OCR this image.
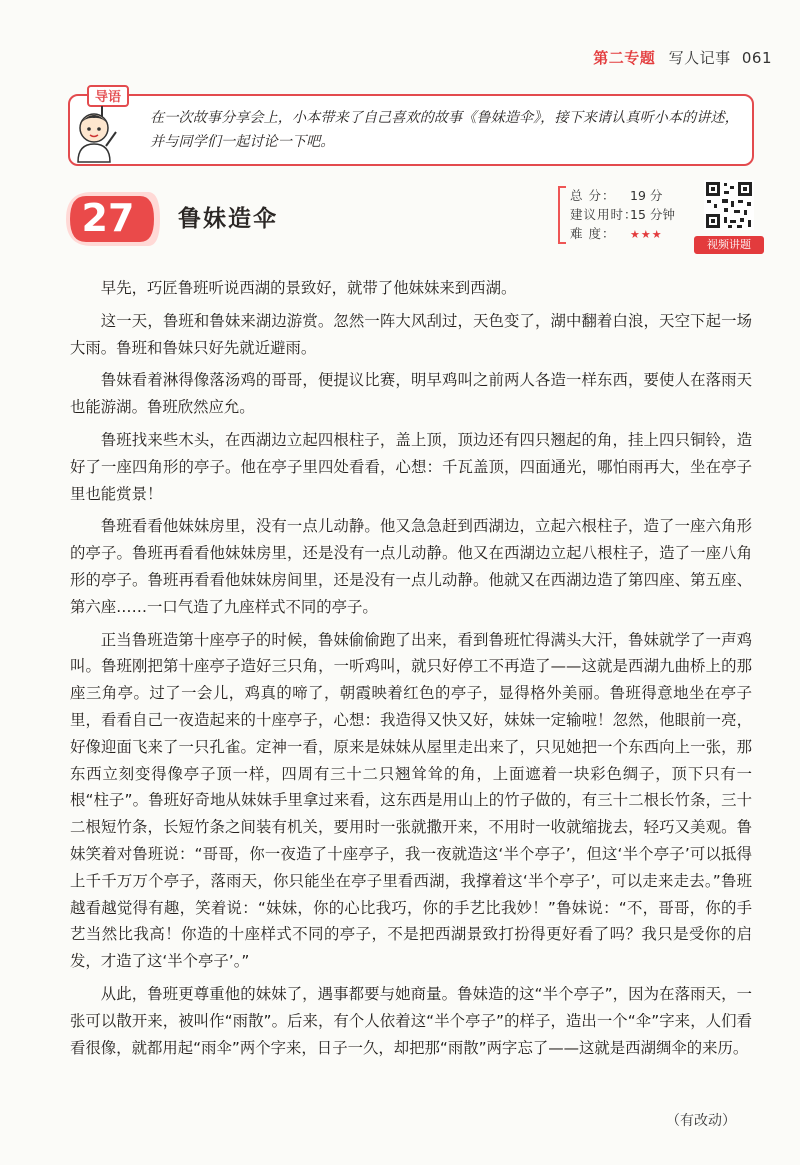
第二专题 写人记事 061
在一次故事分享会上，小本带来了自己喜欢的故事《鲁妹造伞》，接下来请认真听小本的讲述，并与同学们一起讨论一下吧。
导语
27 鲁妹造伞
总 分： 19 分
建议用时：15 分钟
难 度： ★★★
视频讲题

早先，巧匠鲁班听说西湖的景致好，就带了他妹妹来到西湖。

这一天，鲁班和鲁妹来湖边游赏。忽然一阵大风刮过，天色变了，湖中翻着白浪，天空下起一场大雨。鲁班和鲁妹只好先就近避雨。

鲁妹看着淋得像落汤鸡的哥哥，便提议比赛，明早鸡叫之前两人各造一样东西，要使人在落雨天也能游湖。鲁班欣然应允。

鲁班找来些木头，在西湖边立起四根柱子，盖上顶，顶边还有四只翘起的角，挂上四只铜铃，造好了一座四角形的亭子。他在亭子里四处看看，心想：千瓦盖顶，四面通光，哪怕雨再大，坐在亭子里也能赏景！

鲁班看看他妹妹房里，没有一点儿动静。他又急急赶到西湖边，立起六根柱子，造了一座六角形的亭子。鲁班再看看他妹妹房里，还是没有一点儿动静。他又在西湖边立起八根柱子，造了一座八角形的亭子。鲁班再看看他妹妹房间里，还是没有一点儿动静。他就又在西湖边造了第四座、第五座、第六座……一口气造了九座样式不同的亭子。

正当鲁班造第十座亭子的时候，鲁妹偷偷跑了出来，看到鲁班忙得满头大汗，鲁妹就学了一声鸡叫。鲁班刚把第十座亭子造好三只角，一听鸡叫，就只好停工不再造了——这就是西湖九曲桥上的那座三角亭。过了一会儿，鸡真的啼了，朝霞映着红色的亭子，显得格外美丽。鲁班得意地坐在亭子里，看看自己一夜造起来的十座亭子，心想：我造得又快又好，妹妹一定输啦！忽然，他眼前一亮，好像迎面飞来了一只孔雀。定神一看，原来是妹妹从屋里走出来了，只见她把一个东西向上一张，那东西立刻变得像亭子顶一样，四周有三十二只翘耸耸的角，上面遮着一块彩色绸子，顶下只有一根“柱子”。鲁班好奇地从妹妹手里拿过来看，这东西是用山上的竹子做的，有三十二根长竹条，三十二根短竹条，长短竹条之间装有机关，要用时一张就撒开来，不用时一收就缩拢去，轻巧又美观。鲁妹笑着对鲁班说：“哥哥，你一夜造了十座亭子，我一夜就造这‘半个亭子’，但这‘半个亭子’可以抵得上千千万万个亭子，落雨天，你只能坐在亭子里看西湖，我撑着这‘半个亭子’，可以走来走去。”鲁班越看越觉得有趣，笑着说：“妹妹，你的心比我巧，你的手艺比我妙！”鲁妹说：“不，哥哥，你的手艺当然比我高！你造的十座样式不同的亭子，不是把西湖景致打扮得更好看了吗？我只是受你的启发，才造了这‘半个亭子’。”

从此，鲁班更尊重他的妹妹了，遇事都要与她商量。鲁妹造的这“半个亭子”，因为在落雨天，一张可以散开来，被叫作“雨散”。后来，有个人依着这“半个亭子”的样子，造出一个“伞”字来，人们看看很像，就都用起“雨伞”两个字来，日子一久，却把那“雨散”两字忘了——这就是西湖绸伞的来历。

（有改动）
